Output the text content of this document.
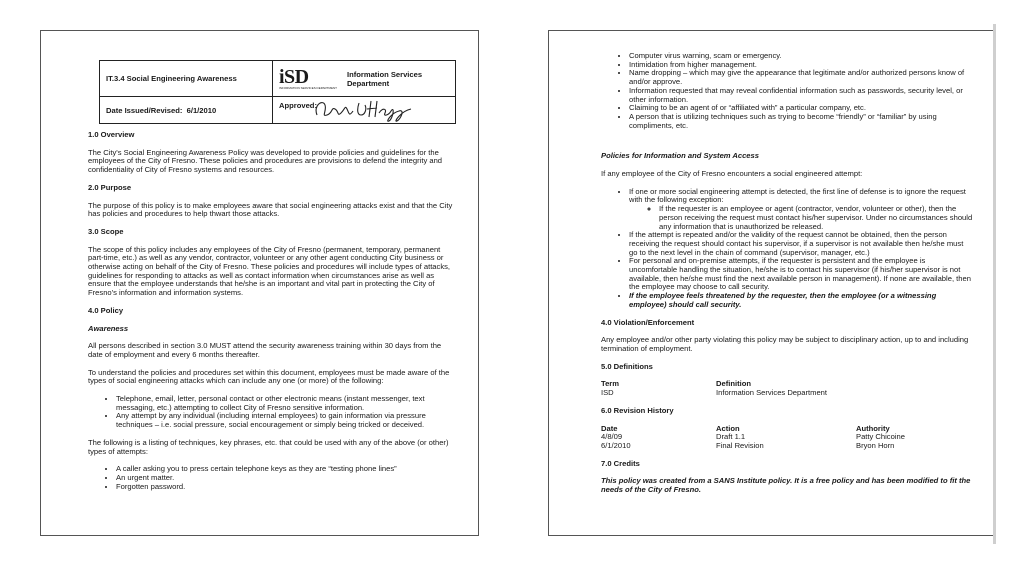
IT.3.4 Social Engineering Awareness	iSD
INFORMATION SERVICES DEPARTMENT
Information Services Department

Date Issued/Revised: 6/1/2010	Approved:
1.0 Overview

The City's Social Engineering Awareness Policy was developed to provide policies and guidelines for the employees of the City of Fresno. These policies and procedures are provisions to defend the integrity and confidentiality of City of Fresno systems and resources.

2.0 Purpose

The purpose of this policy is to make employees aware that social engineering attacks exist and that the City has policies and procedures to help thwart those attacks.

3.0 Scope

The scope of this policy includes any employees of the City of Fresno (permanent, temporary, permanent part-time, etc.) as well as any vendor, contractor, volunteer or any other agent conducting City business or otherwise acting on behalf of the City of Fresno. These policies and procedures will include types of attacks, guidelines for responding to attacks as well as contact information when circumstances arise as well as ensure that the employee understands that he/she is an important and vital part in protecting the City of Fresno's information and information systems.

4.0 Policy
Awareness

All persons described in section 3.0 MUST attend the security awareness training within 30 days from the date of employment and every 6 months thereafter.

To understand the policies and procedures set within this document, employees must be made aware of the types of social engineering attacks which can include any one (or more) of the following:

• Telephone, email, letter, personal contact or other electronic means (instant messenger, text messaging, etc.) attempting to collect City of Fresno sensitive information.
• Any attempt by any individual (including internal employees) to gain information via pressure techniques – i.e. social pressure, social encouragement or simply being tricked or deceived.

The following is a listing of techniques, key phrases, etc. that could be used with any of the above (or other) types of attempts:

• A caller asking you to press certain telephone keys as they are “testing phone lines”
• An urgent matter.
• Forgotten password.
• Computer virus warning, scam or emergency.
• Intimidation from higher management.
• Name dropping – which may give the appearance that legitimate and/or authorized persons know of and/or approve.
• Information requested that may reveal confidential information such as passwords, security level, or other information.
• Claiming to be an agent of or “affiliated with” a particular company, etc.
• A person that is utilizing techniques such as trying to become “friendly” or “familiar” by using compliments, etc.
Policies for Information and System Access

If any employee of the City of Fresno encounters a social engineered attempt:

• If one or more social engineering attempt is detected, the first line of defense is to ignore the request with the following exception:
◦ If the requester is an employee or agent (contractor, vendor, volunteer or other), then the person receiving the request must contact his/her supervisor. Under no circumstances should any information that is unauthorized be released.
• If the attempt is repeated and/or the validity of the request cannot be obtained, then the person receiving the request should contact his supervisor, if a supervisor is not available then he/she must go to the next level in the chain of command (supervisor, manager, etc.)
• For personal and on-premise attempts, if the requester is persistent and the employee is uncomfortable handling the situation, he/she is to contact his supervisor (if his/her supervisor is not available, then he/she must find the next available person in management). If none are available, then the employee may choose to call security.
• If the employee feels threatened by the requester, then the employee (or a witnessing employee) should call security.
4.0 Violation/Enforcement

Any employee and/or other party violating this policy may be subject to disciplinary action, up to and including termination of employment.

5.0 Definitions
Term	Definition
ISD	Information Services Department
6.0 Revision History
Date	Action	Authority
4/8/09	Draft 1.1	Patty Chicoine
6/1/2010	Final Revision	Bryon Horn
7.0 Credits

This policy was created from a SANS Institute policy. It is a free policy and has been modified to fit the needs of the City of Fresno.
